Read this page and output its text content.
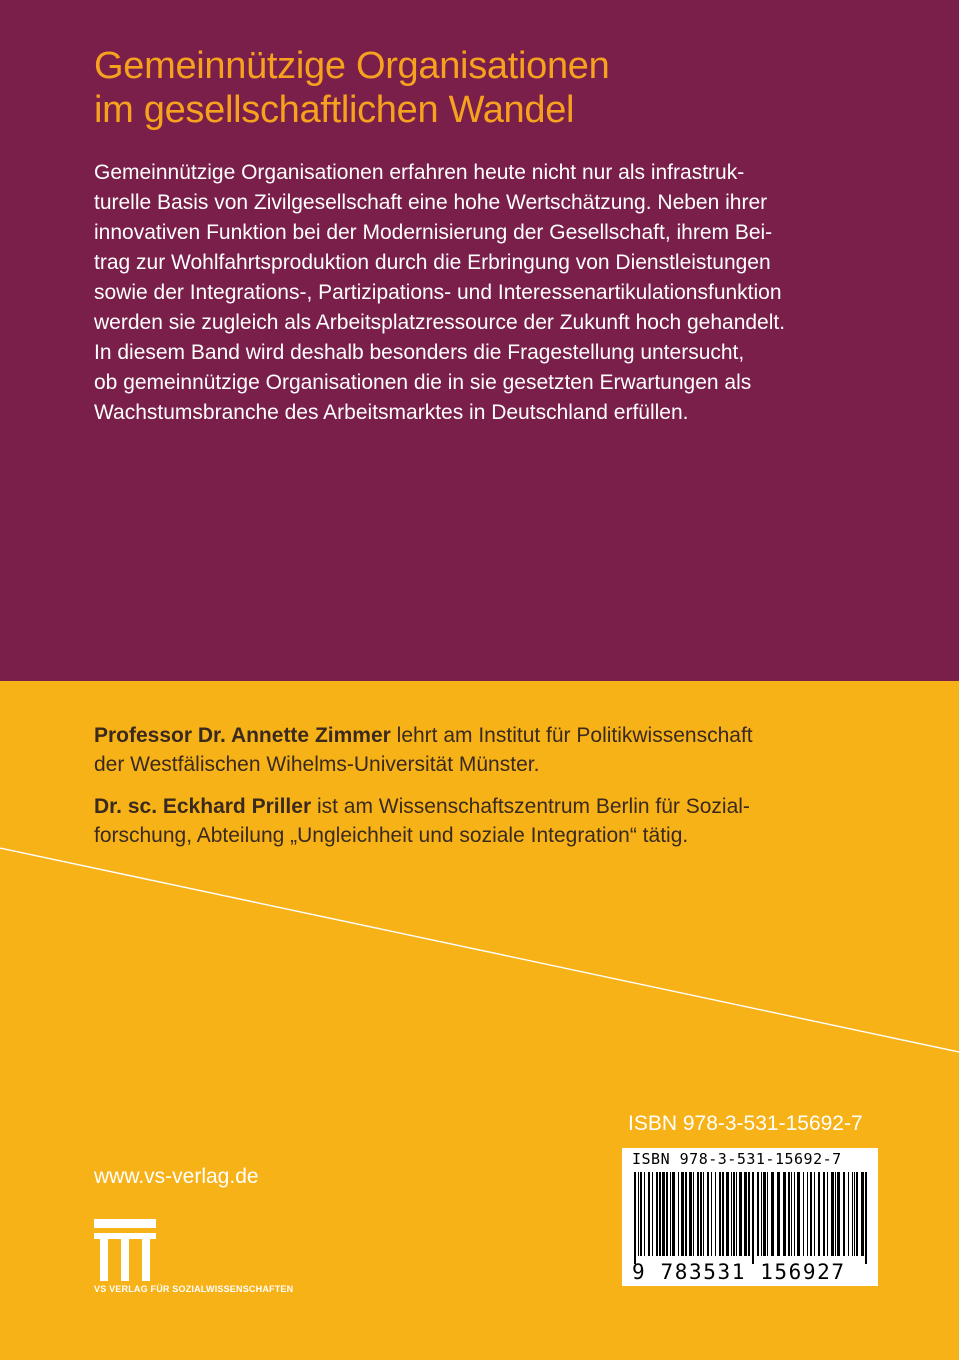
Gemeinnützige Organisationen
im gesellschaftlichen Wandel
Gemeinnützige Organisationen erfahren heute nicht nur als infrastruk-
turelle Basis von Zivilgesellschaft eine hohe Wertschätzung. Neben ihrer
innovativen Funktion bei der Modernisierung der Gesellschaft, ihrem Bei-
trag zur Wohlfahrtsproduktion durch die Erbringung von Dienstleistungen
sowie der Integrations-, Partizipations- und Interessenartikulationsfunktion
werden sie zugleich als Arbeitsplatzressource der Zukunft hoch gehandelt.
In diesem Band wird deshalb besonders die Fragestellung untersucht,
ob gemeinnützige Organisationen die in sie gesetzten Erwartungen als
Wachstumsbranche des Arbeitsmarktes in Deutschland erfüllen.
Professor Dr. Annette Zimmer lehrt am Institut für Politikwissenschaft
der Westfälischen Wihelms-Universität Münster.
Dr. sc. Eckhard Priller ist am Wissenschaftszentrum Berlin für Sozial-
forschung, Abteilung „Ungleichheit und soziale Integration“ tätig.
ISBN 978-3-531-15692-7
ISBN 978-3-531-15692-7
9 783531 156927
www.vs-verlag.de
VS VERLAG FÜR SOZIALWISSENSCHAFTEN
